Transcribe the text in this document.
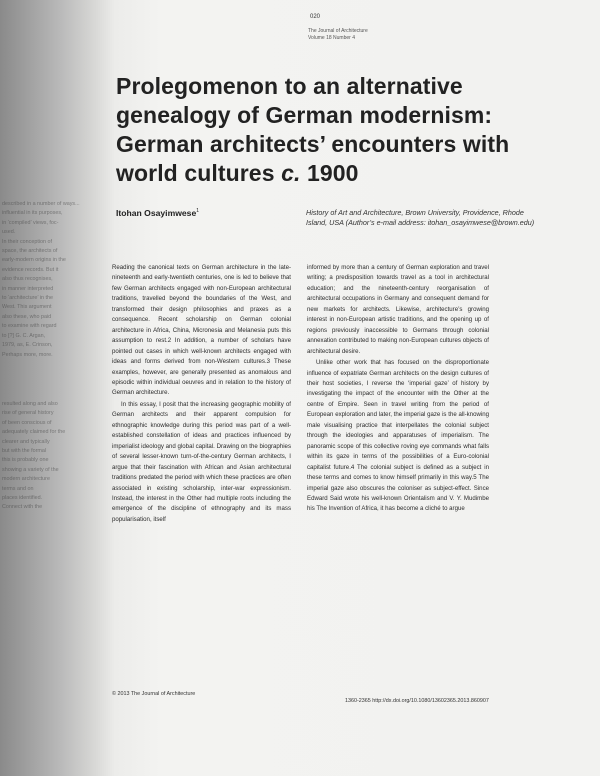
described in a number of ways...
influential in its purposes,
in ‘compiled’ views, foc-
used.
In their conception of
space, the architects of
early-modern origins in the
evidence records. But it
also thus recognises,
in manner interpreted
to ‘architecture’ in the
West. This argument
also these, who paid
to examine with regard
to [?] G. C. Argan,
1979, as, E. Crinson,
Perhaps more, more.
resulted along and also
rise of general history
of been conscious of
adequately claimed for the
clearer and typically
but with the formal
this is probably one
showing a variety of the
modern architecture
terms and on
places identified.
Connect with the
020
The Journal of Architecture Volume 18 Number 4
Prolegomenon to an alternative genealogy of German modernism: German architects’ encounters with world cultures c. 1900
Itohan Osayimwese$^1$	History of Art and Architecture, Brown University, Providence, Rhode Island, USA (Author’s e-mail address: itohan_osayimwese@brown.edu)

Reading the canonical texts on German architecture in the late-nineteenth and early-twentieth centuries, one is led to believe that few German architects engaged with non-European architectural traditions, travelled beyond the boundaries of the West, and transformed their design philosophies and praxes as a consequence. Recent scholarship on German colonial architecture in Africa, China, Micronesia and Melanesia puts this assumption to rest.2 In addition, a number of scholars have pointed out cases in which well-known architects engaged with ideas and forms derived from non-Western cultures.3 These examples, however, are generally presented as anomalous and episodic within individual oeuvres and in relation to the history of German architecture.

In this essay, I posit that the increasing geographic mobility of German architects and their apparent compulsion for ethnographic knowledge during this period was part of a well-established constellation of ideas and practices influenced by imperialist ideology and global capital. Drawing on the biographies of several lesser-known turn-of-the-century German architects, I argue that their fascination with African and Asian architectural traditions predated the period with which these practices are often associated in existing scholarship, inter-war expressionism. Instead, the interest in the Other had multiple roots including the emergence of the discipline of ethnography and its mass popularisation, itself

informed by more than a century of German exploration and travel writing; a predisposition towards travel as a tool in architectural education; and the nineteenth-century reorganisation of architectural occupations in Germany and consequent demand for new markets for architects. Likewise, architecture’s growing interest in non-European artistic traditions, and the opening up of regions previously inaccessible to Germans through colonial annexation contributed to making non-European cultures objects of architectural desire.

Unlike other work that has focused on the disproportionate influence of expatriate German architects on the design cultures of their host societies, I reverse the ‘imperial gaze’ of history by investigating the impact of the encounter with the Other at the centre of Empire. Seen in travel writing from the period of European exploration and later, the imperial gaze is the all-knowing male visualising practice that interpellates the colonial subject through the ideologies and apparatuses of imperialism. The panoramic scope of this collective roving eye commands what falls within its gaze in terms of the possibilities of a Euro-colonial capitalist future.4 The colonial subject is defined as a subject in these terms and comes to know himself primarily in this way.5 The imperial gaze also obscures the coloniser as subject-effect. Since Edward Said wrote his well-known Orientalism and V. Y. Mudimbe his The Invention of Africa, it has become a cliché to argue

© 2013 The Journal of Architecture
1360-2365 http://dx.doi.org/10.1080/13602365.2013.860907
